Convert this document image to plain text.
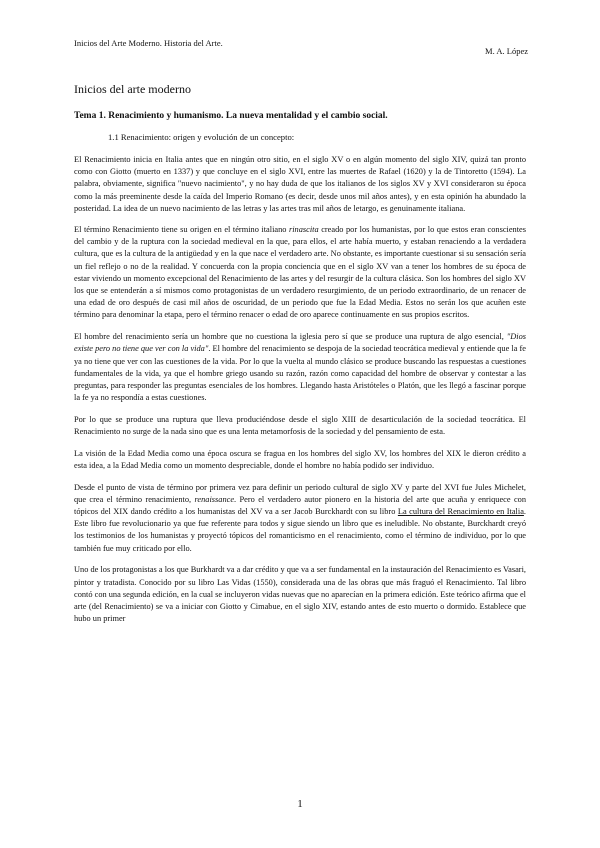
Inicios del Arte Moderno. Historia del Arte.
M. A. López
Inicios del arte moderno
Tema 1. Renacimiento y humanismo. La nueva mentalidad y el cambio social.
1.1 Renacimiento: origen y evolución de un concepto:

El Renacimiento inicia en Italia antes que en ningún otro sitio, en el siglo XV o en algún momento del siglo XIV, quizá tan pronto como con Giotto (muerto en 1337) y que concluye en el siglo XVI, entre las muertes de Rafael (1620) y la de Tintoretto (1594). La palabra, obviamente, significa "nuevo nacimiento", y no hay duda de que los italianos de los siglos XV y XVI consideraron su época como la más preeminente desde la caída del Imperio Romano (es decir, desde unos mil años antes), y en esta opinión ha abundado la posteridad. La idea de un nuevo nacimiento de las letras y las artes tras mil años de letargo, es genuinamente italiana.

El término Renacimiento tiene su origen en el término italiano rinascita creado por los humanistas, por lo que estos eran conscientes del cambio y de la ruptura con la sociedad medieval en la que, para ellos, el arte había muerto, y estaban renaciendo a la verdadera cultura, que es la cultura de la antigüedad y en la que nace el verdadero arte. No obstante, es importante cuestionar si su sensación sería un fiel reflejo o no de la realidad. Y concuerda con la propia conciencia que en el siglo XV van a tener los hombres de su época de estar viviendo un momento excepcional del Renacimiento de las artes y del resurgir de la cultura clásica. Son los hombres del siglo XV los que se entenderán a sí mismos como protagonistas de un verdadero resurgimiento, de un periodo extraordinario, de un renacer de una edad de oro después de casi mil años de oscuridad, de un periodo que fue la Edad Media. Estos no serán los que acuñen este término para denominar la etapa, pero el término renacer o edad de oro aparece continuamente en sus propios escritos.

El hombre del renacimiento sería un hombre que no cuestiona la iglesia pero sí que se produce una ruptura de algo esencial, "Dios existe pero no tiene que ver con la vida". El hombre del renacimiento se despoja de la sociedad teocrática medieval y entiende que la fe ya no tiene que ver con las cuestiones de la vida. Por lo que la vuelta al mundo clásico se produce buscando las respuestas a cuestiones fundamentales de la vida, ya que el hombre griego usando su razón, razón como capacidad del hombre de observar y contestar a las preguntas, para responder las preguntas esenciales de los hombres. Llegando hasta Aristóteles o Platón, que les llegó a fascinar porque la fe ya no respondía a estas cuestiones.

Por lo que se produce una ruptura que lleva produciéndose desde el siglo XIII de desarticulación de la sociedad teocrática. El Renacimiento no surge de la nada sino que es una lenta metamorfosis de la sociedad y del pensamiento de esta.

La visión de la Edad Media como una época oscura se fragua en los hombres del siglo XV, los hombres del XIX le dieron crédito a esta idea, a la Edad Media como un momento despreciable, donde el hombre no había podido ser individuo.

Desde el punto de vista de término por primera vez para definir un periodo cultural de siglo XV y parte del XVI fue Jules Michelet, que crea el término renacimiento, renaissance. Pero el verdadero autor pionero en la historia del arte que acuña y enriquece con tópicos del XIX dando crédito a los humanistas del XV va a ser Jacob Burckhardt con su libro La cultura del Renacimiento en Italia. Este libro fue revolucionario ya que fue referente para todos y sigue siendo un libro que es ineludible. No obstante, Burckhardt creyó los testimonios de los humanistas y proyectó tópicos del romanticismo en el renacimiento, como el término de individuo, por lo que también fue muy criticado por ello.

Uno de los protagonistas a los que Burkhardt va a dar crédito y que va a ser fundamental en la instauración del Renacimiento es Vasari, pintor y tratadista. Conocido por su libro Las Vidas (1550), considerada una de las obras que más fraguó el Renacimiento. Tal libro contó con una segunda edición, en la cual se incluyeron vidas nuevas que no aparecían en la primera edición. Este teórico afirma que el arte (del Renacimiento) se va a iniciar con Giotto y Cimabue, en el siglo XIV, estando antes de esto muerto o dormido. Establece que hubo un primer

1
